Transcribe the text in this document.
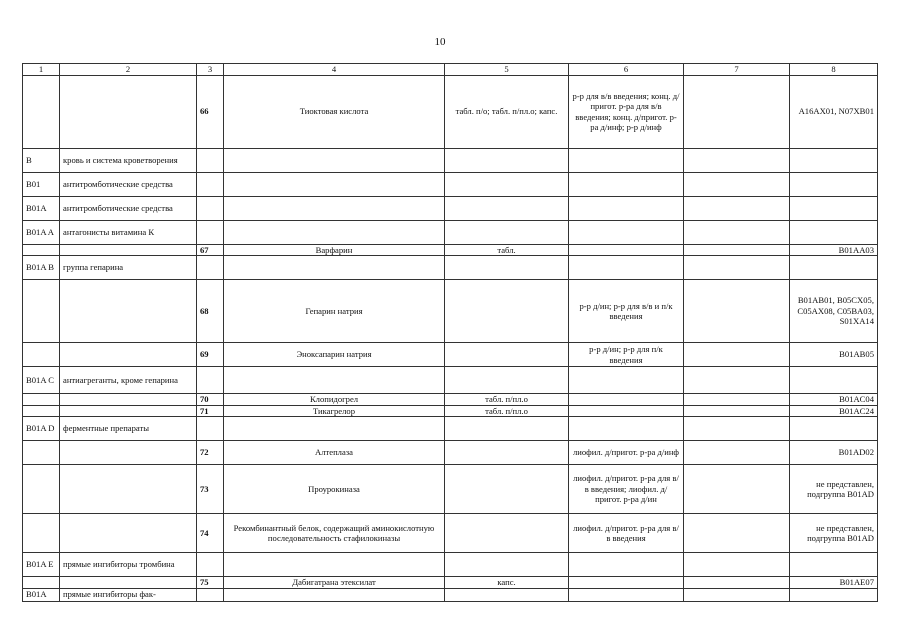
10
1	2	3	4	5	6	7	8
		66	Тиоктовая кислота	табл. п/о; табл. п/пл.о; капс.	р-р для в/в введения; конц. д/пригот. р-ра для в/в введения; конц. д/пригот. р-ра д/инф; р-р д/инф		A16AX01, N07XB01
B	кровь и система кроветворения						
B01	антитромботические средства						
B01A	антитромботические средства						
B01A A	антагонисты витамина К						
		67	Варфарин	табл.			B01AA03
B01A B	группа гепарина						
		68	Гепарин натрия		р-р д/ин; р-р для в/в и п/к введения		B01AB01, B05CX05, C05AX08, C05BA03, S01XA14
		69	Эноксапарин натрия		р-р д/ин; р-р для п/к введения		B01AB05
B01A C	антиагреганты, кроме гепарина						
		70	Клопидогрел	табл. п/пл.о			B01AC04
		71	Тикагрелор	табл. п/пл.о			B01AC24
B01A D	ферментные препараты						
		72	Алтеплаза		лиофил. д/пригот. р-ра д/инф		B01AD02
		73	Проурокиназа		лиофил. д/пригот. р-ра для в/в введения; лиофил. д/пригот. р-ра д/ин		не представлен, подгруппа B01AD
		74	Рекомбинантный белок, содержащий аминокислотную последовательность стафилокиназы		лиофил. д/пригот. р-ра для в/в введения		не представлен, подгруппа B01AD
B01A E	прямые ингибиторы тромбина						
		75	Дабигатрана этексилат	капс.			B01AE07
B01A	прямые ингибиторы фак-						
